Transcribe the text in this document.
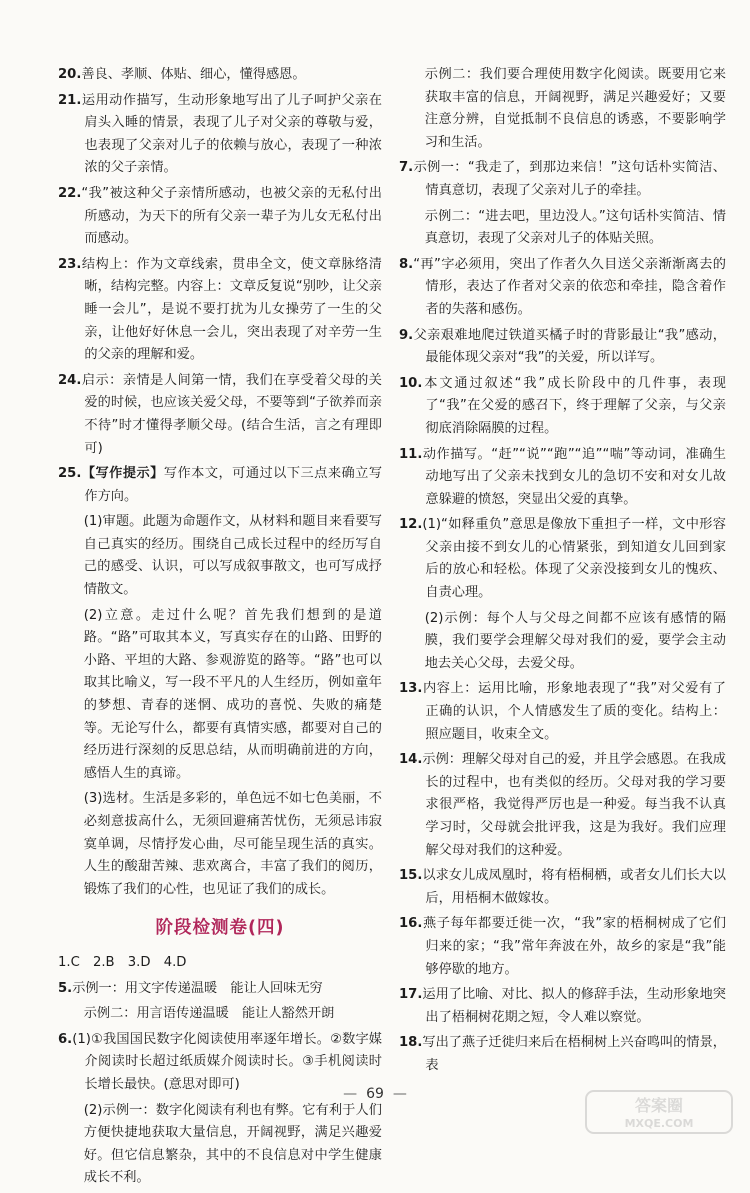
20.善良、孝顺、体贴、细心，懂得感恩。

21.运用动作描写，生动形象地写出了儿子呵护父亲在肩头入睡的情景，表现了儿子对父亲的尊敬与爱，也表现了父亲对儿子的依赖与放心，表现了一种浓浓的父子亲情。

22.“我”被这种父子亲情所感动，也被父亲的无私付出所感动，为天下的所有父亲一辈子为儿女无私付出而感动。

23.结构上：作为文章线索，贯串全文，使文章脉络清晰，结构完整。内容上：文章反复说“别吵，让父亲睡一会儿”，是说不要打扰为儿女操劳了一生的父亲，让他好好休息一会儿，突出表现了对辛劳一生的父亲的理解和爱。

24.启示：亲情是人间第一情，我们在享受着父母的关爱的时候，也应该关爱父母，不要等到“子欲养而亲不待”时才懂得孝顺父母。(结合生活，言之有理即可)

25.【写作提示】写作本文，可通过以下三点来确立写作方向。

(1)审题。此题为命题作文，从材料和题目来看要写自己真实的经历。围绕自己成长过程中的经历写自己的感受、认识，可以写成叙事散文，也可写成抒情散文。

(2)立意。走过什么呢？首先我们想到的是道路。“路”可取其本义，写真实存在的山路、田野的小路、平坦的大路、参观游览的路等。“路”也可以取其比喻义，写一段不平凡的人生经历，例如童年的梦想、青春的迷惘、成功的喜悦、失败的痛楚等。无论写什么，都要有真情实感，都要对自己的经历进行深刻的反思总结，从而明确前进的方向，感悟人生的真谛。

(3)选材。生活是多彩的，单色远不如七色美丽，不必刻意拔高什么，无须回避痛苦忧伤，无须忌讳寂寞单调，尽情抒发心曲，尽可能呈现生活的真实。人生的酸甜苦辣、悲欢离合，丰富了我们的阅历，锻炼了我们的心性，也见证了我们的成长。

阶段检测卷(四)

1.C　2.B　3.D　4.D

5.示例一：用文字传递温暖　能让人回味无穷

示例二：用言语传递温暖　能让人豁然开朗

6.(1)①我国国民数字化阅读使用率逐年增长。②数字媒介阅读时长超过纸质媒介阅读时长。③手机阅读时长增长最快。(意思对即可)

(2)示例一：数字化阅读有利也有弊。它有利于人们方便快捷地获取大量信息，开阔视野，满足兴趣爱好。但它信息繁杂，其中的不良信息对中学生健康成长不利。

示例二：我们要合理使用数字化阅读。既要用它来获取丰富的信息，开阔视野，满足兴趣爱好；又要注意分辨，自觉抵制不良信息的诱惑，不要影响学习和生活。

7.示例一：“我走了，到那边来信！”这句话朴实简洁、情真意切，表现了父亲对儿子的牵挂。

示例二：“进去吧，里边没人。”这句话朴实简洁、情真意切，表现了父亲对儿子的体贴关照。

8.“再”字必须用，突出了作者久久目送父亲渐渐离去的情形，表达了作者对父亲的依恋和牵挂，隐含着作者的失落和感伤。

9.父亲艰难地爬过铁道买橘子时的背影最让“我”感动，最能体现父亲对“我”的关爱，所以详写。

10.本文通过叙述“我”成长阶段中的几件事，表现了“我”在父爱的感召下，终于理解了父亲，与父亲彻底消除隔膜的过程。

11.动作描写。“赶”“说”“跑”“追”“喘”等动词，准确生动地写出了父亲未找到女儿的急切不安和对女儿故意躲避的愤怒，突显出父爱的真挚。

12.(1)“如释重负”意思是像放下重担子一样，文中形容父亲由接不到女儿的心情紧张，到知道女儿回到家后的放心和轻松。体现了父亲没接到女儿的愧疚、自责心理。

(2)示例：每个人与父母之间都不应该有感情的隔膜，我们要学会理解父母对我们的爱，要学会主动地去关心父母，去爱父母。

13.内容上：运用比喻，形象地表现了“我”对父爱有了正确的认识，个人情感发生了质的变化。结构上：照应题目，收束全文。

14.示例：理解父母对自己的爱，并且学会感恩。在我成长的过程中，也有类似的经历。父母对我的学习要求很严格，我觉得严厉也是一种爱。每当我不认真学习时，父母就会批评我，这是为我好。我们应理解父母对我们的这种爱。

15.以求女儿成凤凰时，将有梧桐栖，或者女儿们长大以后，用梧桐木做嫁妆。

16.燕子每年都要迁徙一次，“我”家的梧桐树成了它们归来的家；“我”常年奔波在外，故乡的家是“我”能够停歇的地方。

17.运用了比喻、对比、拟人的修辞手法，生动形象地突出了梧桐树花期之短，令人难以察觉。

18.写出了燕子迁徙归来后在梧桐树上兴奋鸣叫的情景，表

— 69 —
答案圈
MXQE.COM
